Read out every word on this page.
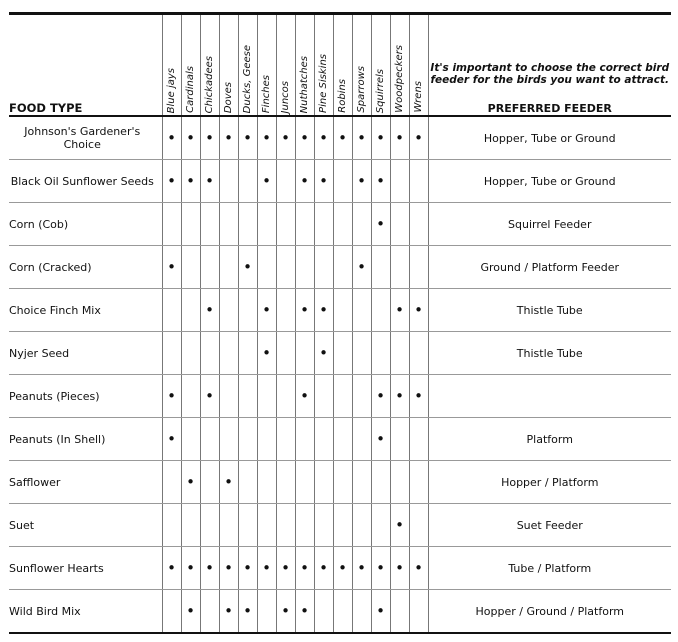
FOOD TYPE	Blue jays	Cardinals	Chickadees	Doves	Ducks, Geese	Finches	Juncos	Nuthatches	Pine Siskins	Robins	Sparrows	Squirrels	Woodpeckers	Wrens	It's important to choose the correct bird feeder for the birds you want to attract.
PREFERRED FEEDER
Johnson's Gardener's Choice	•	•	•	•	•	•	•	•	•	•	•	•	•	•	Hopper, Tube or Ground
Black Oil Sunflower Seeds	•	•	•			•		•	•		•	•			Hopper, Tube or Ground
Corn (Cob)												•			Squirrel Feeder
Corn (Cracked)	•				•						•				Ground / Platform Feeder
Choice Finch Mix			•			•		•	•				•	•	Thistle Tube
Nyjer Seed						•			•						Thistle Tube
Peanuts (Pieces)	•		•					•				•	•	•	
Peanuts (In Shell)	•											•			Platform
Safflower		•		•											Hopper / Platform
Suet													•		Suet Feeder
Sunflower Hearts	•	•	•	•	•	•	•	•	•	•	•	•	•	•	Tube / Platform
Wild Bird Mix		•		•	•		•	•				•			Hopper / Ground / Platform
